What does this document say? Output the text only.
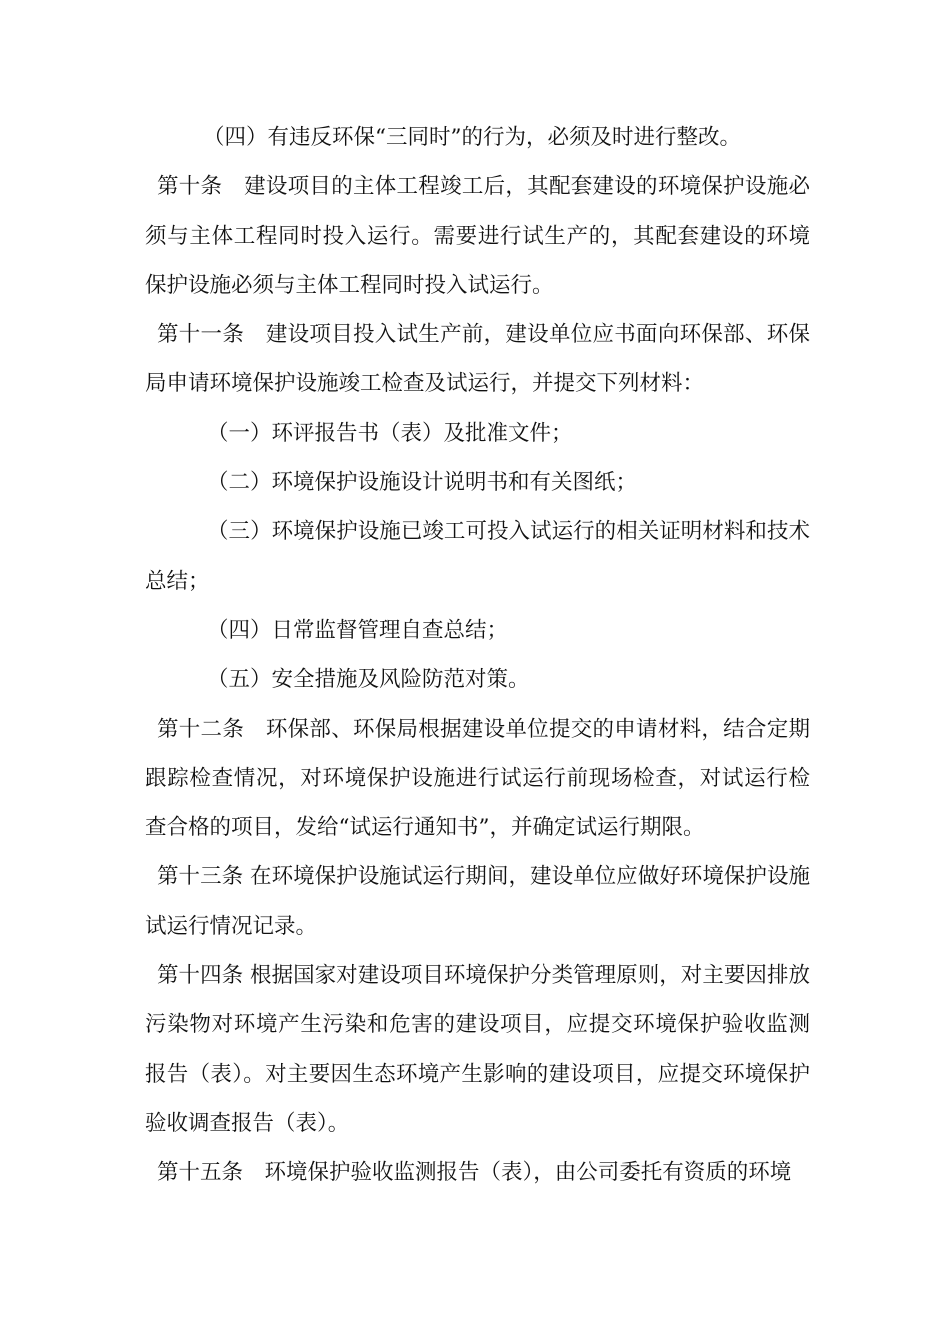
（四）有违反环保“三同时”的行为，必须及时进行整改。

第十条　建设项目的主体工程竣工后，其配套建设的环境保护设施必须与主体工程同时投入运行。需要进行试生产的，其配套建设的环境保护设施必须与主体工程同时投入试运行。

第十一条　建设项目投入试生产前，建设单位应书面向环保部、环保局申请环境保护设施竣工检查及试运行，并提交下列材料：

（一）环评报告书（表）及批准文件；

（二）环境保护设施设计说明书和有关图纸；

（三）环境保护设施已竣工可投入试运行的相关证明材料和技术总结；

（四）日常监督管理自查总结；

（五）安全措施及风险防范对策。

第十二条　环保部、环保局根据建设单位提交的申请材料，结合定期跟踪检查情况，对环境保护设施进行试运行前现场检查，对试运行检查合格的项目，发给“试运行通知书”，并确定试运行期限。

第十三条 在环境保护设施试运行期间，建设单位应做好环境保护设施试运行情况记录。

第十四条 根据国家对建设项目环境保护分类管理原则，对主要因排放污染物对环境产生污染和危害的建设项目，应提交环境保护验收监测报告（表）。对主要因生态环境产生影响的建设项目，应提交环境保护验收调查报告（表）。

第十五条　环境保护验收监测报告（表），由公司委托有资质的环境
